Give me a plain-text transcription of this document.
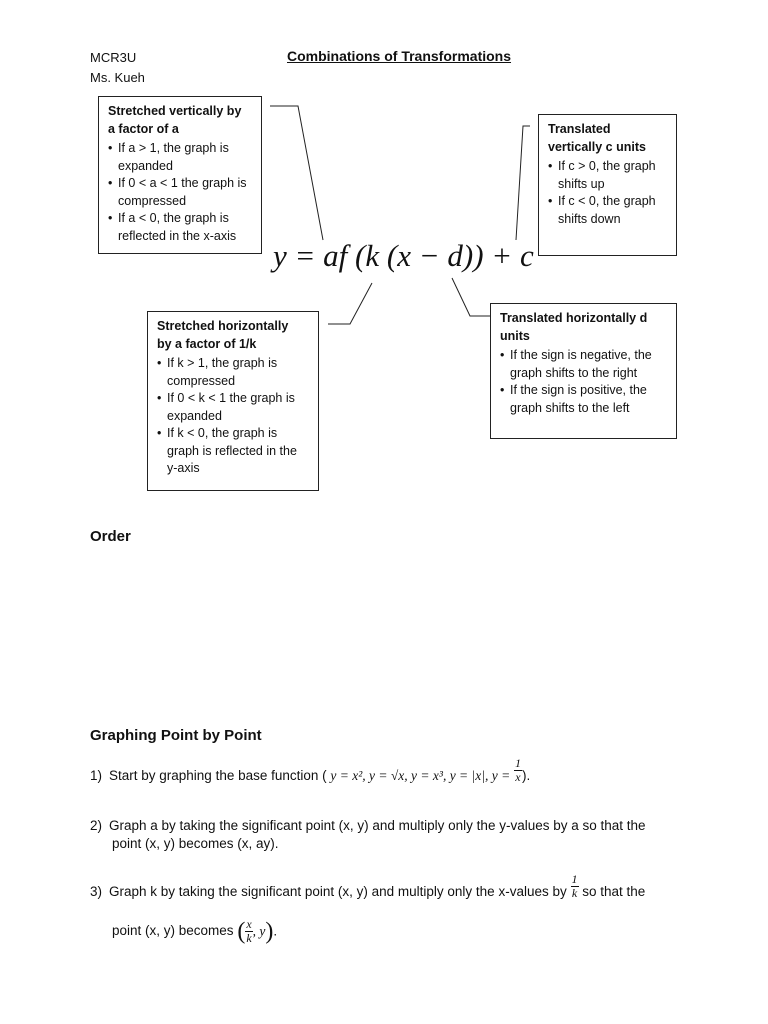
MCR3U
Ms. Kueh
Combinations of Transformations
Stretched vertically by
a factor of a
• If a > 1, the graph is expanded
• If 0 < a < 1 the graph is compressed
• If a < 0, the graph is reflected in the x-axis
Translated
vertically c units
• If c > 0, the graph shifts up
• If c < 0, the graph shifts down
y = af (k (x − d)) + c
Stretched horizontally
by a factor of 1/k
• If k > 1, the graph is compressed
• If 0 < k < 1 the graph is expanded
• If k < 0, the graph is graph is reflected in the y-axis
Translated horizontally d
units
• If the sign is negative, the graph shifts to the right
• If the sign is positive, the graph shifts to the left
Order
Graphing Point by Point
1) Start by graphing the base function ( y = x², y = √x, y = x³, y = |x|, $y = \frac{1}{x}$ ).
2) Graph a by taking the significant point (x, y) and multiply only the y-values by a so that the
point (x, y) becomes (x, ay).
3) Graph k by taking the significant point (x, y) and multiply only the x-values by $\frac{1}{k}$ so that the
point (x, y) becomes ( $\frac{x}{k}$ , y).
